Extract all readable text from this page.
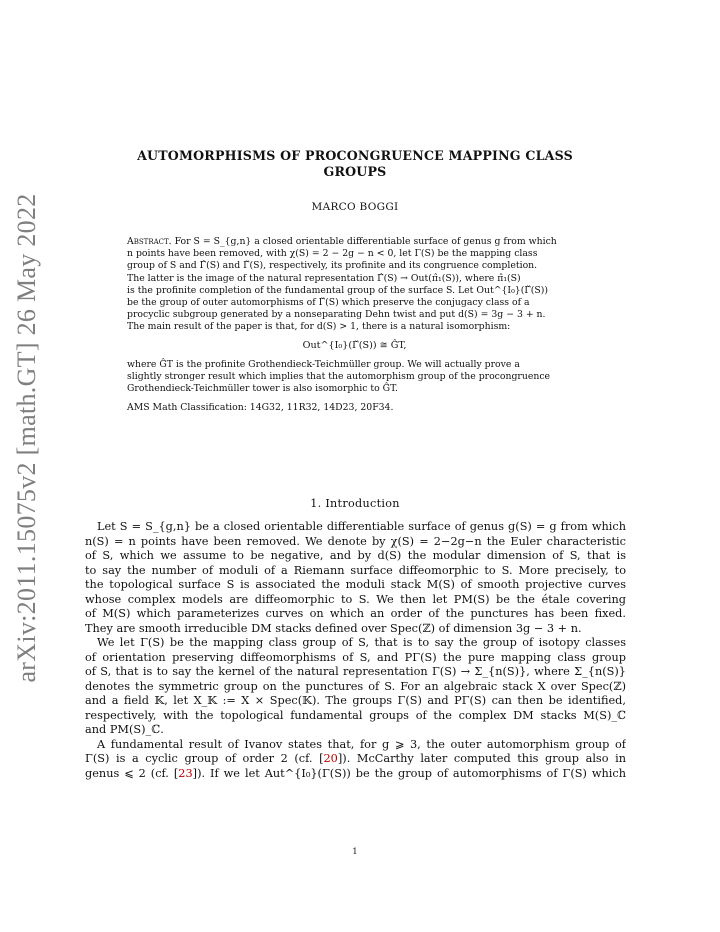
arXiv:2011.15075v2 [math.GT] 26 May 2022
AUTOMORPHISMS OF PROCONGRUENCE MAPPING CLASS
GROUPS
MARCO BOGGI

Abstract. For S = S_{g,n} a closed orientable differentiable surface of genus g from which
n points have been removed, with χ(S) = 2 − 2g − n < 0, let Γ(S) be the mapping class
group of S and Γ̂(S) and Γ̌(S), respectively, its profinite and its congruence completion.
The latter is the image of the natural representation Γ̂(S) → Out(π̂₁(S)), where π̂₁(S)
is the profinite completion of the fundamental group of the surface S. Let Out^{I₀}(Γ̌(S))
be the group of outer automorphisms of Γ̌(S) which preserve the conjugacy class of a
procyclic subgroup generated by a nonseparating Dehn twist and put d(S) = 3g − 3 + n.
The main result of the paper is that, for d(S) > 1, there is a natural isomorphism:

Out^{I₀}(Γ̌(S)) ≅ ĜT,

where ĜT is the profinite Grothendieck-Teichmüller group. We will actually prove a
slightly stronger result which implies that the automorphism group of the procongruence
Grothendieck-Teichmüller tower is also isomorphic to ĜT.

AMS Math Classification: 14G32, 11R32, 14D23, 20F34.

1. Introduction
Let S = S_{g,n} be a closed orientable differentiable surface of genus g(S) = g from which
n(S) = n points have been removed. We denote by χ(S) = 2−2g−n the Euler characteristic
of S, which we assume to be negative, and by d(S) the modular dimension of S, that is
to say the number of moduli of a Riemann surface diffeomorphic to S. More precisely, to
the topological surface S is associated the moduli stack M(S) of smooth projective curves
whose complex models are diffeomorphic to S. We then let PM(S) be the étale covering
of M(S) which parameterizes curves on which an order of the punctures has been fixed.
They are smooth irreducible DM stacks defined over Spec(ℤ) of dimension 3g − 3 + n.
We let Γ(S) be the mapping class group of S, that is to say the group of isotopy classes
of orientation preserving diffeomorphisms of S, and PΓ(S) the pure mapping class group
of S, that is to say the kernel of the natural representation Γ(S) → Σ_{n(S)}, where Σ_{n(S)}
denotes the symmetric group on the punctures of S. For an algebraic stack X over Spec(ℤ)
and a field 𝕂, let X_𝕂 := X × Spec(𝕂). The groups Γ(S) and PΓ(S) can then be identified,
respectively, with the topological fundamental groups of the complex DM stacks M(S)_ℂ
and PM(S)_ℂ.
A fundamental result of Ivanov states that, for g ⩾ 3, the outer automorphism group of
Γ(S) is a cyclic group of order 2 (cf. [20]). McCarthy later computed this group also in
genus ⩽ 2 (cf. [23]). If we let Aut^{I₀}(Γ(S)) be the group of automorphisms of Γ(S) which
1
